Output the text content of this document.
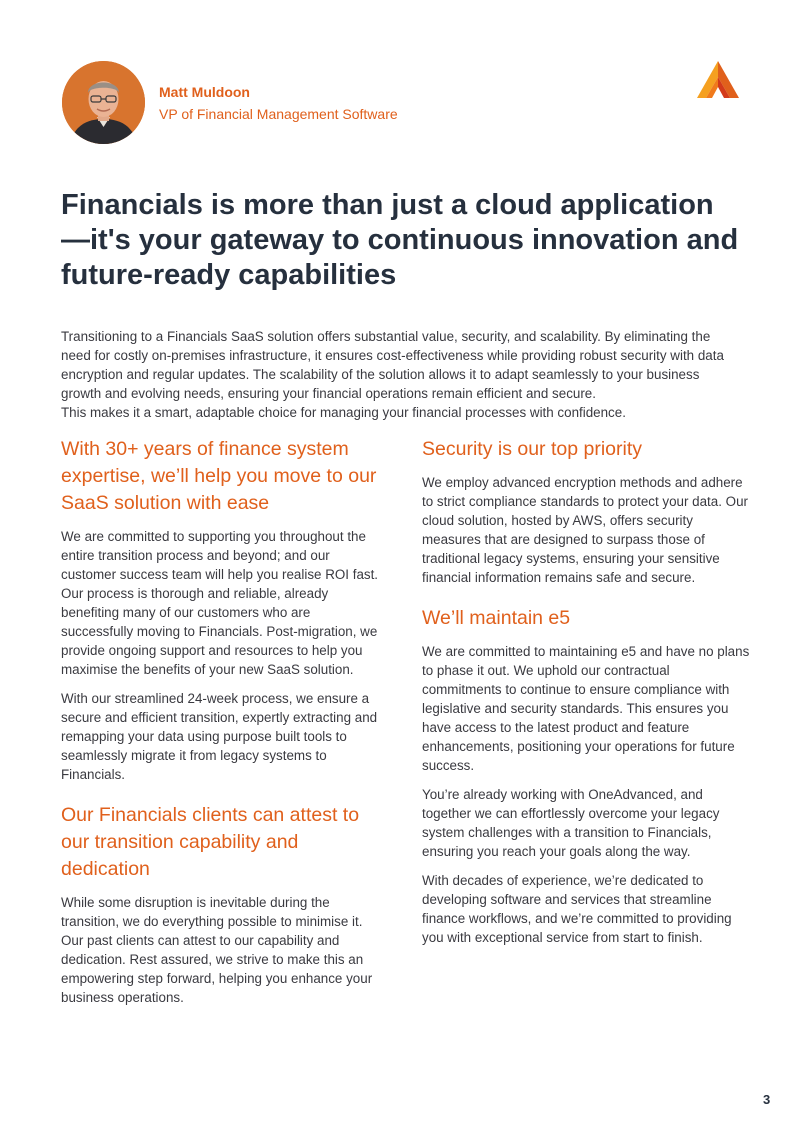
Matt Muldoon
VP of Financial Management Software
Financials is more than just a cloud application—it's your gateway to continuous innovation and future-ready capabilities

Transitioning to a Financials SaaS solution offers substantial value, security, and scalability. By eliminating the need for costly on-premises infrastructure, it ensures cost-effectiveness while providing robust security with data encryption and regular updates. The scalability of the solution allows it to adapt seamlessly to your business growth and evolving needs, ensuring your financial operations remain efficient and secure.

This makes it a smart, adaptable choice for managing your financial processes with confidence.

With 30+ years of finance system expertise, we’ll help you move to our SaaS solution with ease

We are committed to supporting you throughout the entire transition process and beyond; and our customer success team will help you realise ROI fast. Our process is thorough and reliable, already benefiting many of our customers who are successfully moving to Financials. Post-migration, we provide ongoing support and resources to help you maximise the benefits of your new SaaS solution.

With our streamlined 24-week process, we ensure a secure and efficient transition, expertly extracting and remapping your data using purpose built tools to seamlessly migrate it from legacy systems to Financials.

Our Financials clients can attest to our transition capability and dedication

While some disruption is inevitable during the transition, we do everything possible to minimise it. Our past clients can attest to our capability and dedication. Rest assured, we strive to make this an empowering step forward, helping you enhance your business operations.

Security is our top priority

We employ advanced encryption methods and adhere to strict compliance standards to protect your data. Our cloud solution, hosted by AWS, offers security measures that are designed to surpass those of traditional legacy systems, ensuring your sensitive financial information remains safe and secure.

We’ll maintain e5

We are committed to maintaining e5 and have no plans to phase it out. We uphold our contractual commitments to continue to ensure compliance with legislative and security standards. This ensures you have access to the latest product and feature enhancements, positioning your operations for future success.

You’re already working with OneAdvanced, and together we can effortlessly overcome your legacy system challenges with a transition to Financials, ensuring you reach your goals along the way.

With decades of experience, we’re dedicated to developing software and services that streamline finance workflows, and we’re committed to providing you with exceptional service from start to finish.

3
